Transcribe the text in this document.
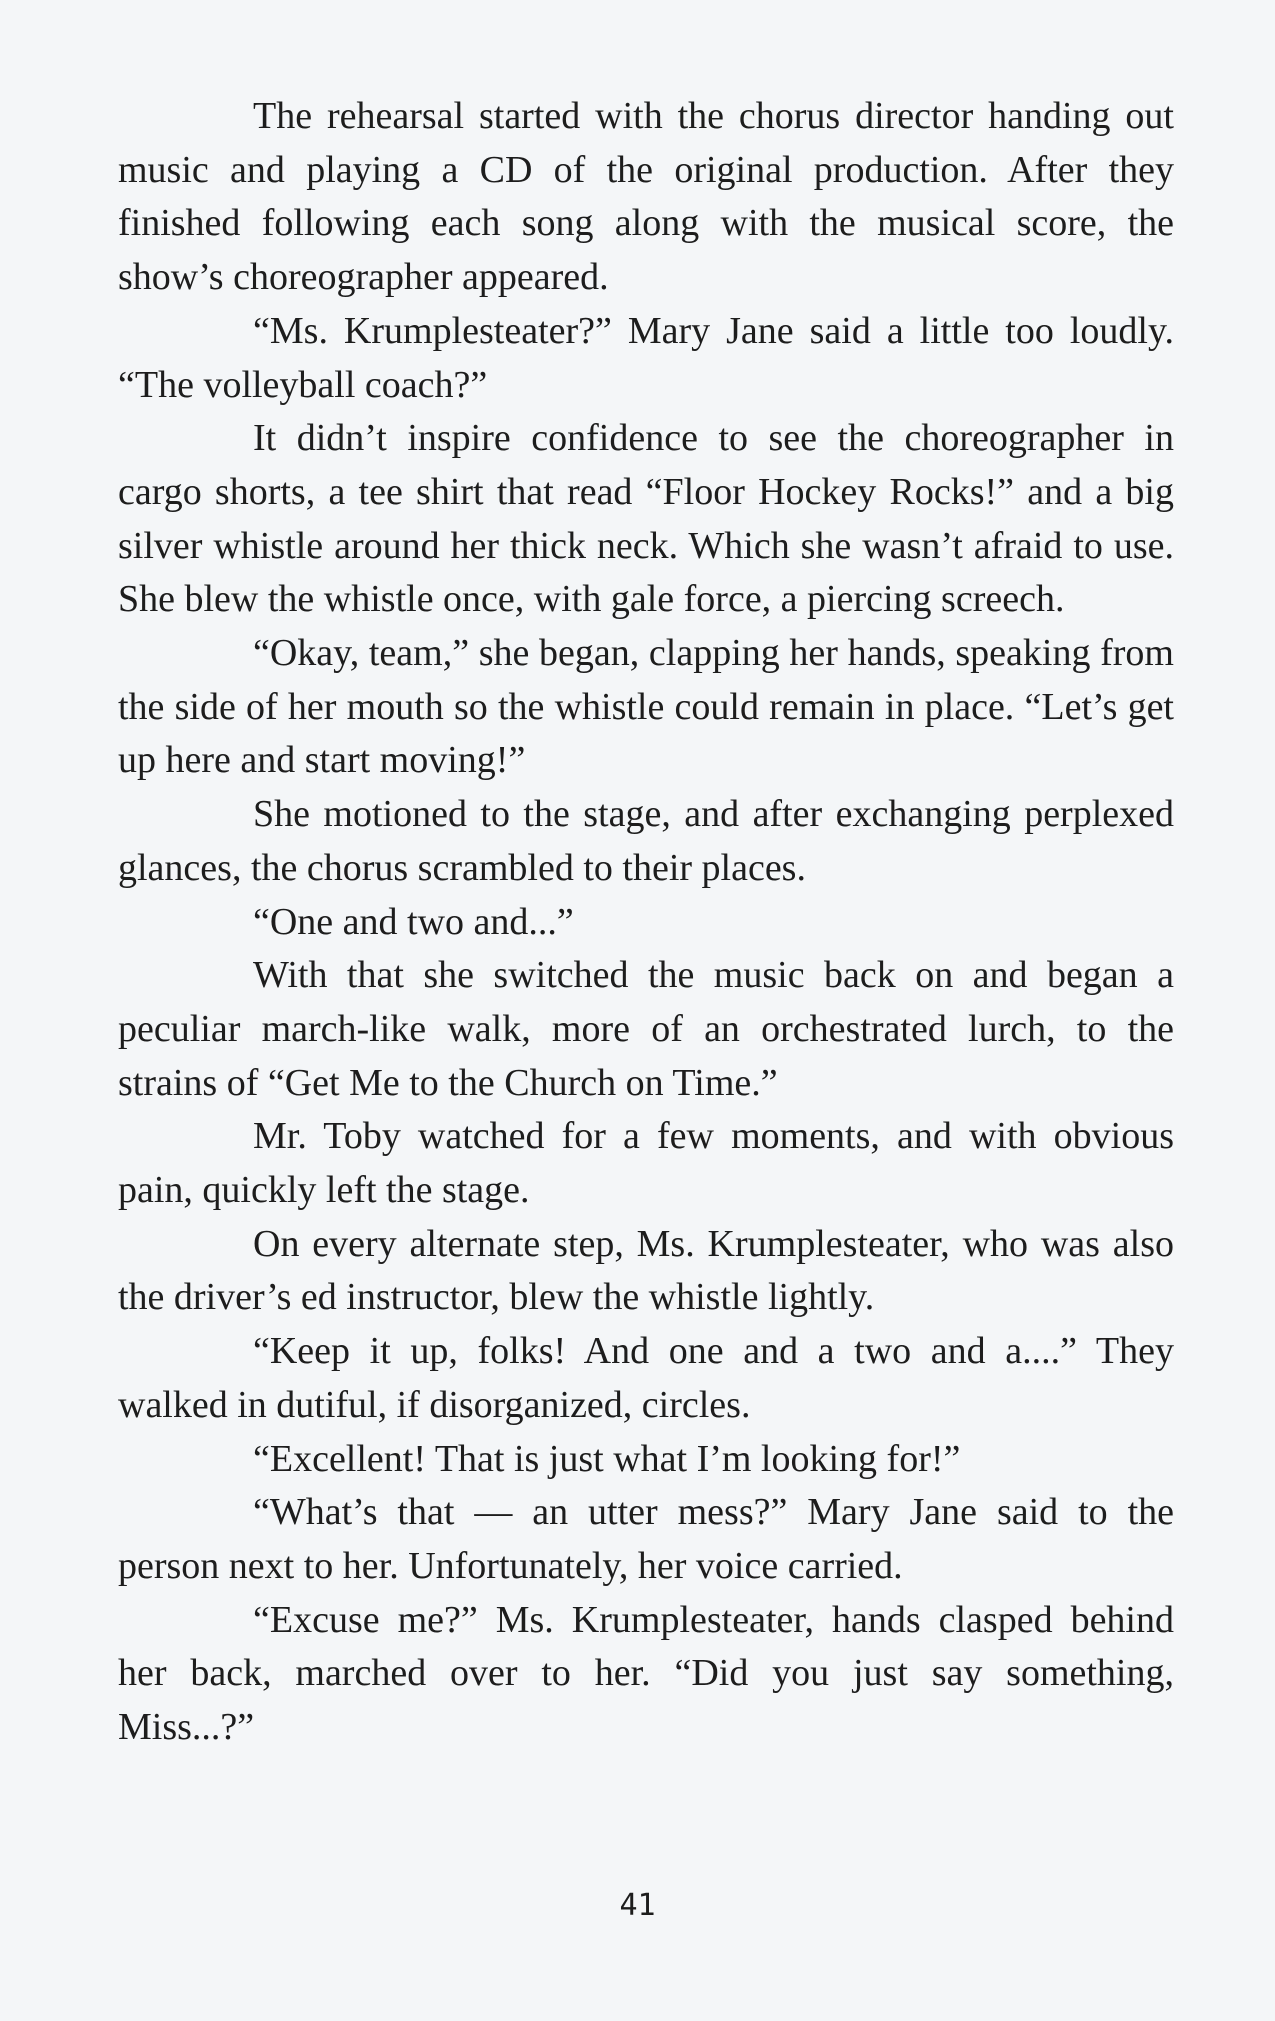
The rehearsal started with the chorus director handing out music and playing a CD of the original production. After they finished following each song along with the musical score, the show’s choreographer appeared.

“Ms. Krumplesteater?” Mary Jane said a little too loudly. “The volleyball coach?”

It didn’t inspire confidence to see the choreographer in cargo shorts, a tee shirt that read “Floor Hockey Rocks!” and a big silver whistle around her thick neck. Which she wasn’t afraid to use. She blew the whistle once, with gale force, a piercing screech.

“Okay, team,” she began, clapping her hands, speaking from the side of her mouth so the whistle could remain in place. “Let’s get up here and start moving!”

She motioned to the stage, and after exchanging perplexed glances, the chorus scrambled to their places.

“One and two and...”

With that she switched the music back on and began a peculiar march-like walk, more of an orchestrated lurch, to the strains of “Get Me to the Church on Time.”

Mr. Toby watched for a few moments, and with obvious pain, quickly left the stage.

On every alternate step, Ms. Krumplesteater, who was also the driver’s ed instructor, blew the whistle lightly.

“Keep it up, folks! And one and a two and a....” They walked in dutiful, if disorganized, circles.

“Excellent! That is just what I’m looking for!”

“What’s that — an utter mess?” Mary Jane said to the person next to her. Unfortunately, her voice carried.

“Excuse me?” Ms. Krumplesteater, hands clasped behind her back, marched over to her. “Did you just say something, Miss...?”

41
